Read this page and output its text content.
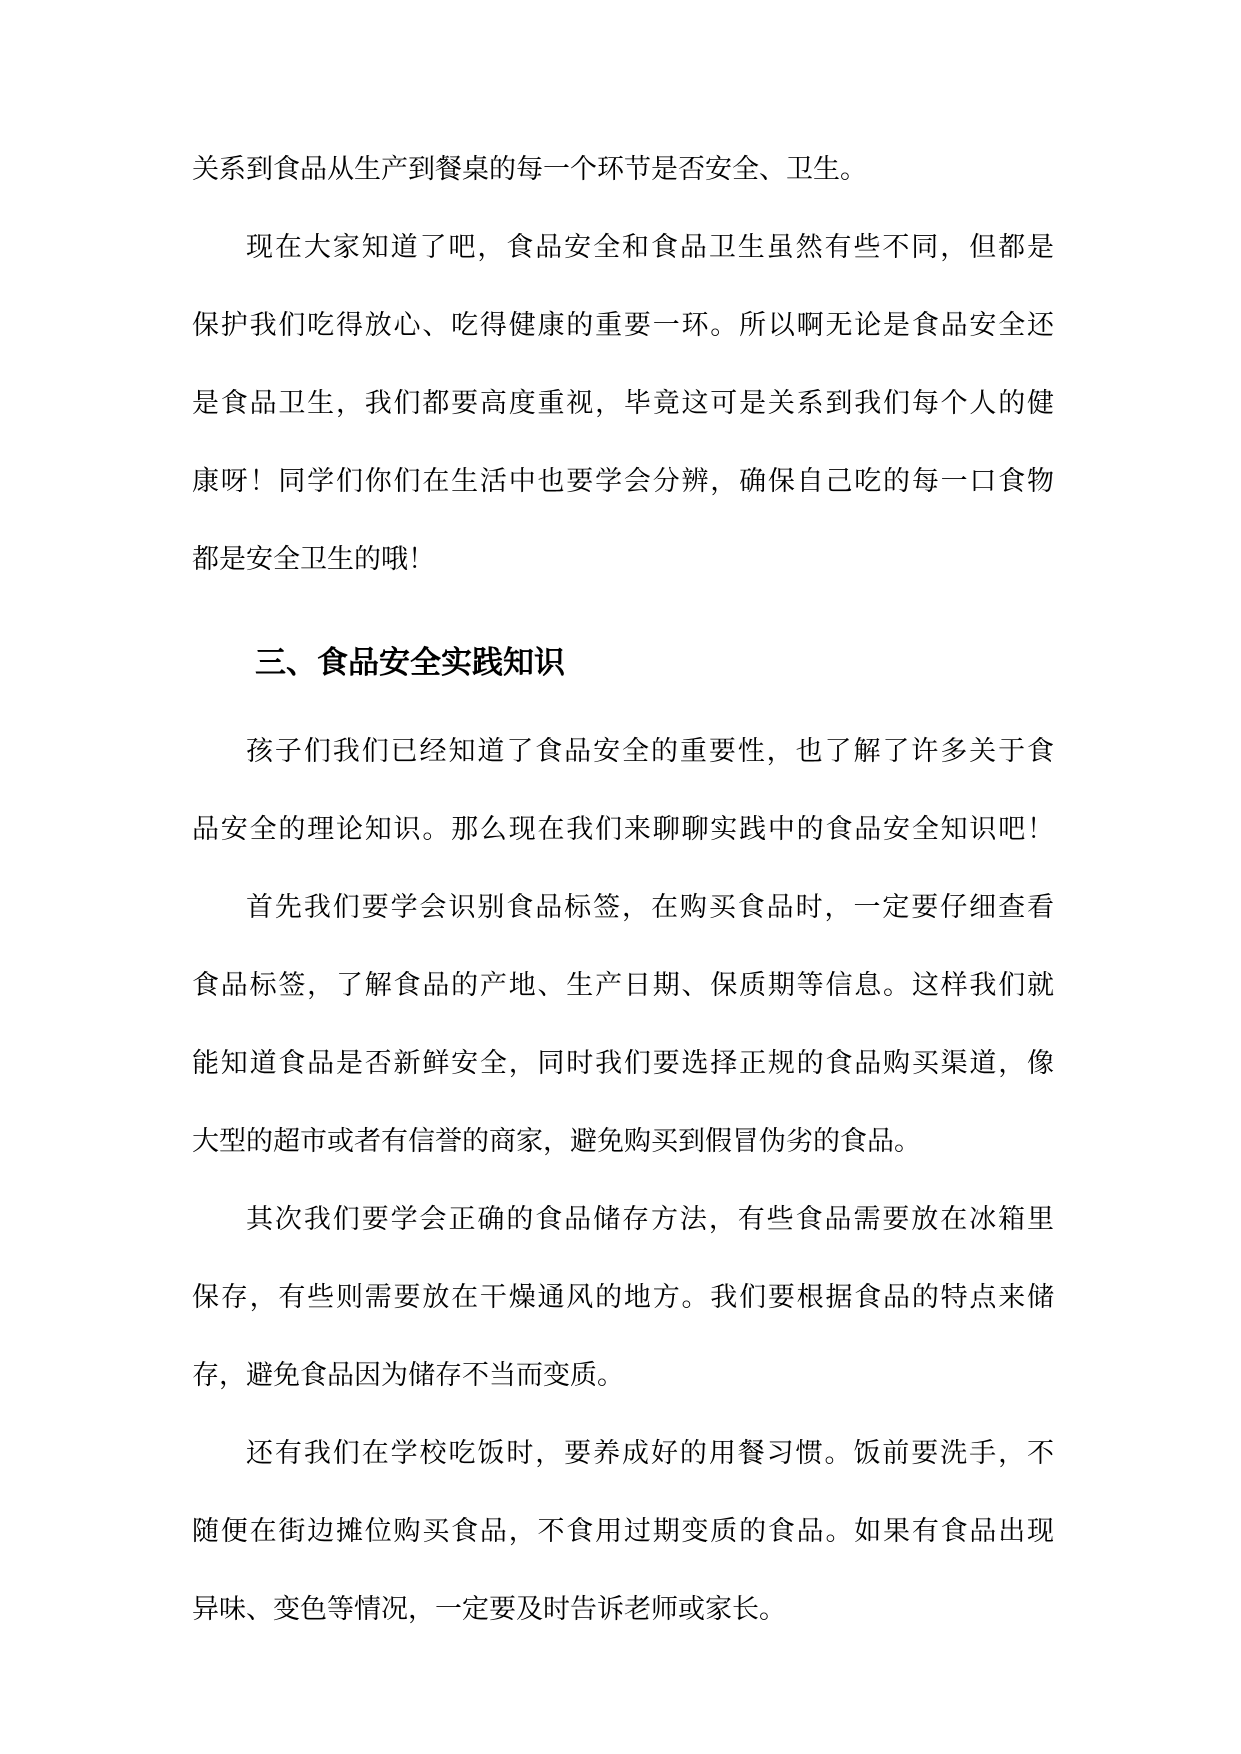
关系到食品从生产到餐桌的每一个环节是否安全、卫生。
现在大家知道了吧，食品安全和食品卫生虽然有些不同，但都是
保护我们吃得放心、吃得健康的重要一环。所以啊无论是食品安全还
是食品卫生，我们都要高度重视，毕竟这可是关系到我们每个人的健
康呀！同学们你们在生活中也要学会分辨，确保自己吃的每一口食物
都是安全卫生的哦！
三、食品安全实践知识
孩子们我们已经知道了食品安全的重要性，也了解了许多关于食
品安全的理论知识。那么现在我们来聊聊实践中的食品安全知识吧！
首先我们要学会识别食品标签，在购买食品时，一定要仔细查看
食品标签，了解食品的产地、生产日期、保质期等信息。这样我们就
能知道食品是否新鲜安全，同时我们要选择正规的食品购买渠道，像
大型的超市或者有信誉的商家，避免购买到假冒伪劣的食品。
其次我们要学会正确的食品储存方法，有些食品需要放在冰箱里
保存，有些则需要放在干燥通风的地方。我们要根据食品的特点来储
存，避免食品因为储存不当而变质。
还有我们在学校吃饭时，要养成好的用餐习惯。饭前要洗手，不
随便在街边摊位购买食品，不食用过期变质的食品。如果有食品出现
异味、变色等情况，一定要及时告诉老师或家长。
